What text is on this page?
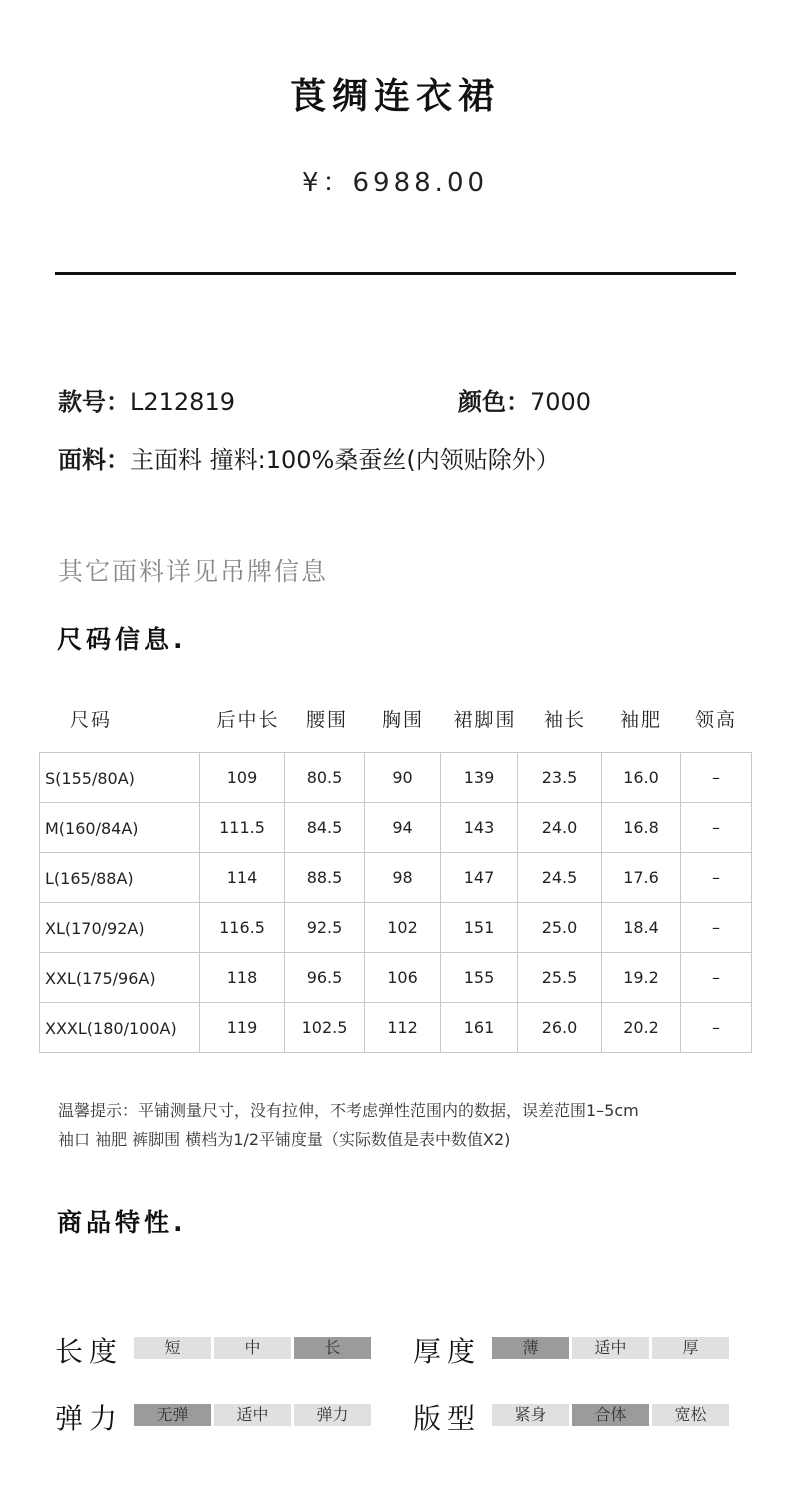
莨绸连衣裙
¥：6988.00
款号：L212819	颜色：7000
面料：主面料 撞料:100%桑蚕丝(内领贴除外）
其它面料详见吊牌信息
尺码信息.
尺码	后中长	腰围	胸围	裙脚围	袖长	袖肥	领高
S(155/80A)	109	80.5	90	139	23.5	16.0	–
M(160/84A)	111.5	84.5	94	143	24.0	16.8	–
L(165/88A)	114	88.5	98	147	24.5	17.6	–
XL(170/92A)	116.5	92.5	102	151	25.0	18.4	–
XXL(175/96A)	118	96.5	106	155	25.5	19.2	–
XXXL(180/100A)	119	102.5	112	161	26.0	20.2	–
温馨提示：平铺测量尺寸，没有拉伸，不考虑弹性范围内的数据，误差范围1–5cm
袖口 袖肥 裤脚围 横档为1/2平铺度量（实际数值是表中数值X2)
商品特性.
长度	短	中	长	厚度	薄	适中	厚
弹力	无弹	适中	弹力	版型	紧身	合体	宽松
